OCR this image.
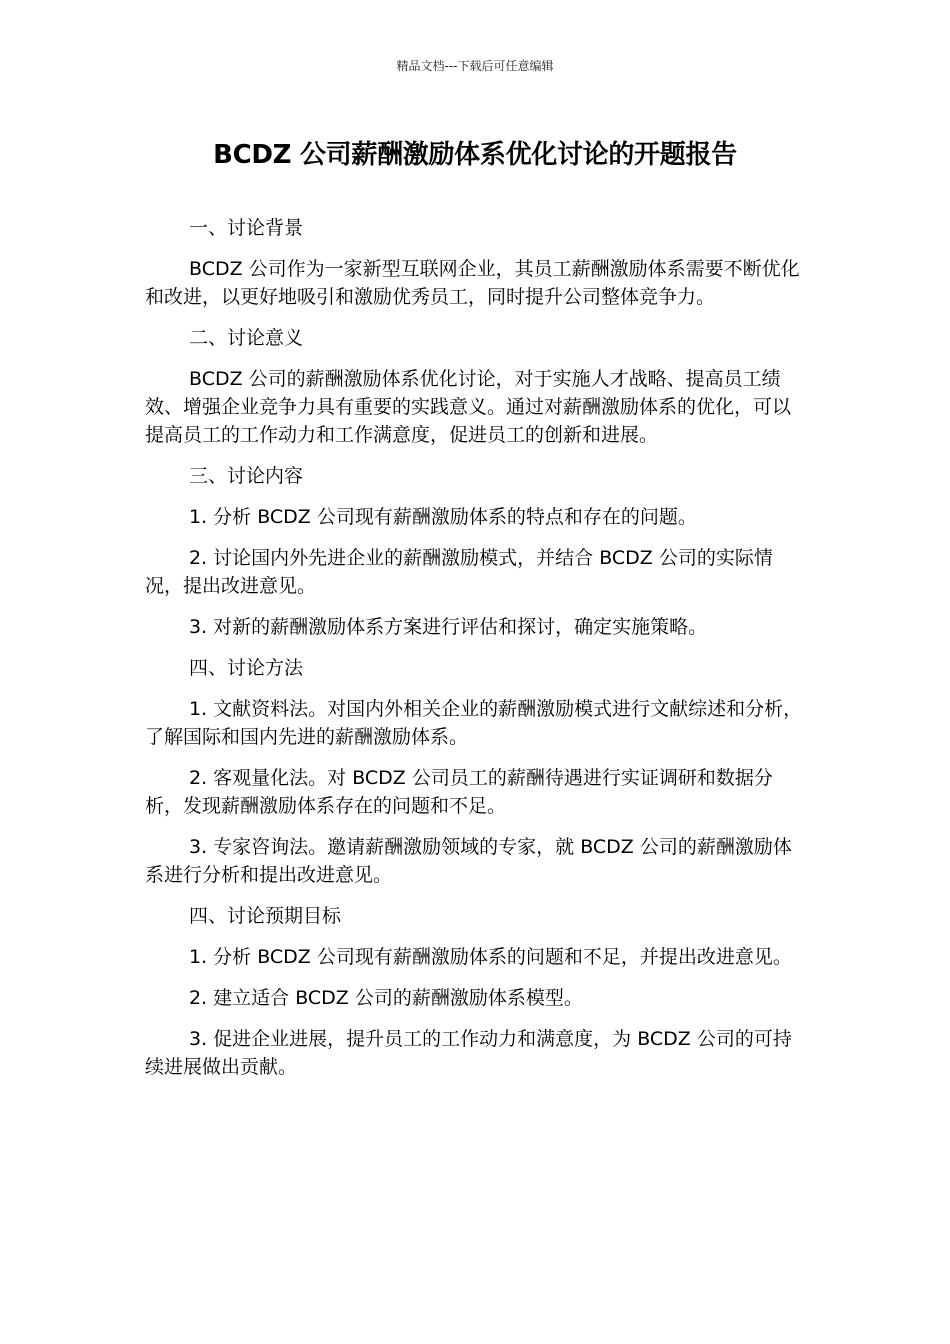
精品文档---下载后可任意编辑
BCDZ 公司薪酬激励体系优化讨论的开题报告

一、讨论背景

BCDZ 公司作为一家新型互联网企业，其员工薪酬激励体系需要不断优化和改进，以更好地吸引和激励优秀员工，同时提升公司整体竞争力。

二、讨论意义

BCDZ 公司的薪酬激励体系优化讨论，对于实施人才战略、提高员工绩效、增强企业竞争力具有重要的实践意义。通过对薪酬激励体系的优化，可以提高员工的工作动力和工作满意度，促进员工的创新和进展。

三、讨论内容

1. 分析 BCDZ 公司现有薪酬激励体系的特点和存在的问题。

2. 讨论国内外先进企业的薪酬激励模式，并结合 BCDZ 公司的实际情况，提出改进意见。

3. 对新的薪酬激励体系方案进行评估和探讨，确定实施策略。

四、讨论方法

1. 文献资料法。对国内外相关企业的薪酬激励模式进行文献综述和分析，了解国际和国内先进的薪酬激励体系。

2. 客观量化法。对 BCDZ 公司员工的薪酬待遇进行实证调研和数据分析，发现薪酬激励体系存在的问题和不足。

3. 专家咨询法。邀请薪酬激励领域的专家，就 BCDZ 公司的薪酬激励体系进行分析和提出改进意见。

四、讨论预期目标

1. 分析 BCDZ 公司现有薪酬激励体系的问题和不足，并提出改进意见。

2. 建立适合 BCDZ 公司的薪酬激励体系模型。

3. 促进企业进展，提升员工的工作动力和满意度，为 BCDZ 公司的可持续进展做出贡献。
